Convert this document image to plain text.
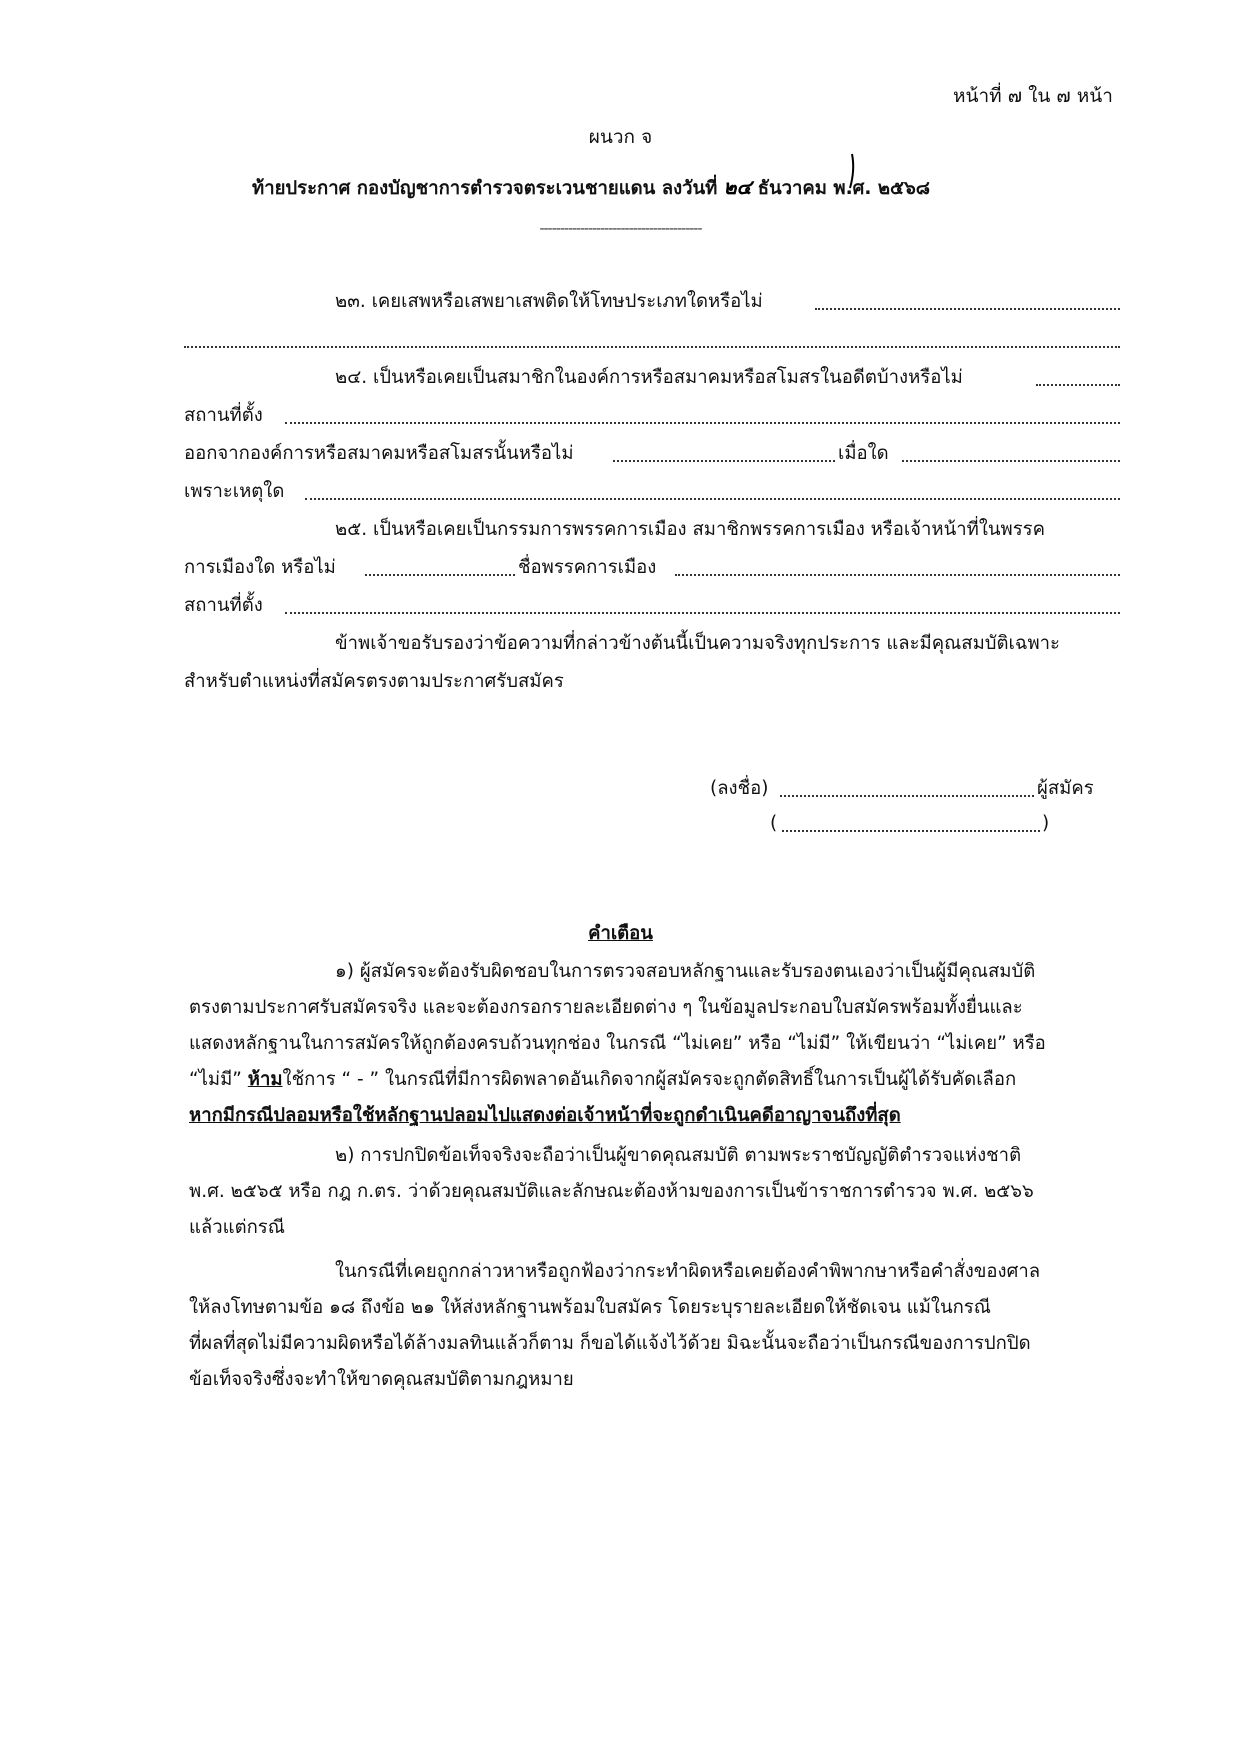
หน้าที่ ๗ ใน ๗ หน้า
ผนวก จ
ท้ายประกาศ กองบัญชาการตำรวจตระเวนชายแดน ลงวันที่ ๒๔ ธันวาคม พ.ศ. ๒๕๖๘
----------------------------------------
๒๓. เคยเสพหรือเสพยาเสพติดให้โทษประเภทใดหรือไม่
๒๔. เป็นหรือเคยเป็นสมาชิกในองค์การหรือสมาคมหรือสโมสรในอดีตบ้างหรือไม่
สถานที่ตั้ง
ออกจากองค์การหรือสมาคมหรือสโมสรนั้นหรือไม่	เมื่อใด
เพราะเหตุใด
๒๕. เป็นหรือเคยเป็นกรรมการพรรคการเมือง สมาชิกพรรคการเมือง หรือเจ้าหน้าที่ในพรรค
การเมืองใด หรือไม่	ชื่อพรรคการเมือง
สถานที่ตั้ง
ข้าพเจ้าขอรับรองว่าข้อความที่กล่าวข้างต้นนี้เป็นความจริงทุกประการ และมีคุณสมบัติเฉพาะ
สำหรับตำแหน่งที่สมัครตรงตามประกาศรับสมัคร
(ลงชื่อ)	ผู้สมัคร
(	)
คำเตือน
๑) ผู้สมัครจะต้องรับผิดชอบในการตรวจสอบหลักฐานและรับรองตนเองว่าเป็นผู้มีคุณสมบัติ
ตรงตามประกาศรับสมัครจริง และจะต้องกรอกรายละเอียดต่าง ๆ ในข้อมูลประกอบใบสมัครพร้อมทั้งยื่นและ
แสดงหลักฐานในการสมัครให้ถูกต้องครบถ้วนทุกช่อง ในกรณี “ไม่เคย” หรือ “ไม่มี” ให้เขียนว่า “ไม่เคย” หรือ
“ไม่มี” ห้ามใช้การ “ - ” ในกรณีที่มีการผิดพลาดอันเกิดจากผู้สมัครจะถูกตัดสิทธิ์ในการเป็นผู้ได้รับคัดเลือก
หากมีกรณีปลอมหรือใช้หลักฐานปลอมไปแสดงต่อเจ้าหน้าที่จะถูกดำเนินคดีอาญาจนถึงที่สุด
๒) การปกปิดข้อเท็จจริงจะถือว่าเป็นผู้ขาดคุณสมบัติ ตามพระราชบัญญัติตำรวจแห่งชาติ
พ.ศ. ๒๕๖๕ หรือ กฎ ก.ตร. ว่าด้วยคุณสมบัติและลักษณะต้องห้ามของการเป็นข้าราชการตำรวจ พ.ศ. ๒๕๖๖
แล้วแต่กรณี
ในกรณีที่เคยถูกกล่าวหาหรือถูกฟ้องว่ากระทำผิดหรือเคยต้องคำพิพากษาหรือคำสั่งของศาล
ให้ลงโทษตามข้อ ๑๘ ถึงข้อ ๒๑ ให้ส่งหลักฐานพร้อมใบสมัคร โดยระบุรายละเอียดให้ชัดเจน แม้ในกรณี
ที่ผลที่สุดไม่มีความผิดหรือได้ล้างมลทินแล้วก็ตาม ก็ขอได้แจ้งไว้ด้วย มิฉะนั้นจะถือว่าเป็นกรณีของการปกปิด
ข้อเท็จจริงซึ่งจะทำให้ขาดคุณสมบัติตามกฎหมาย
